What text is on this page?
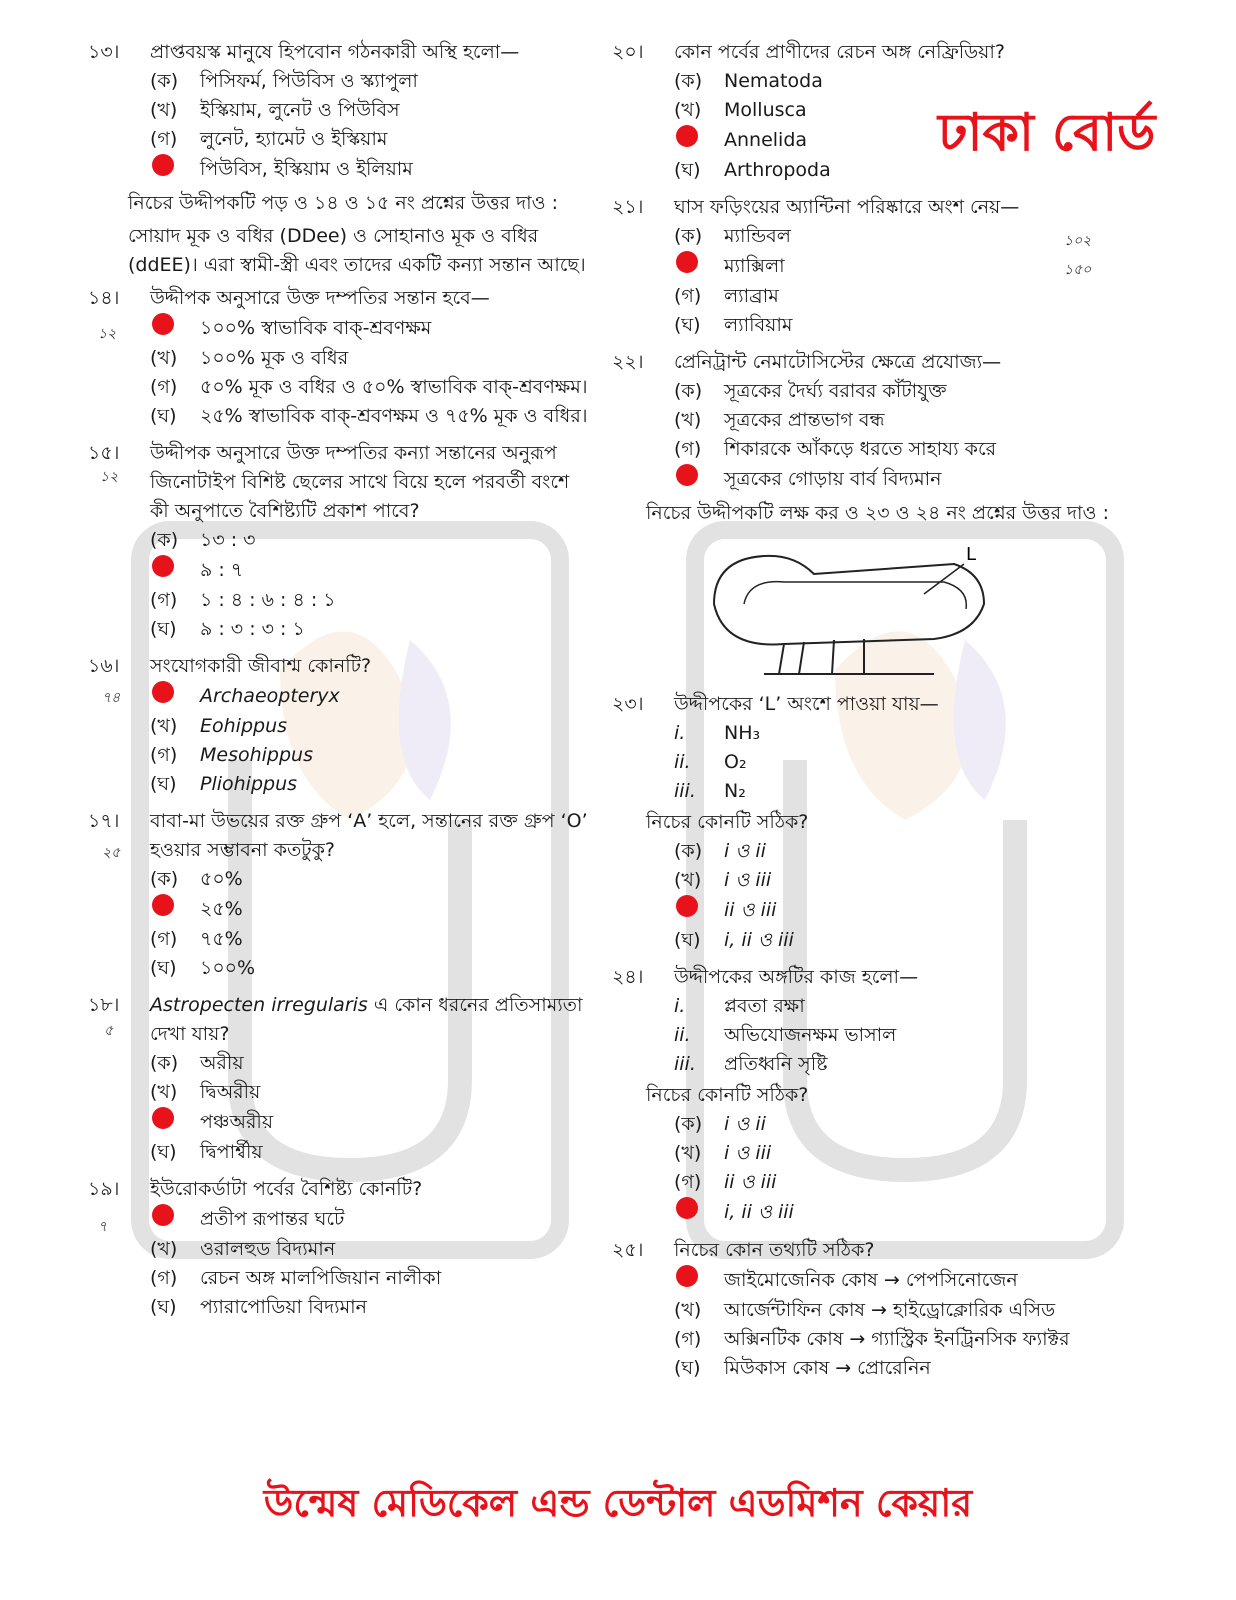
ঢাকা বোর্ড
১৩।	প্রাপ্তবয়স্ক মানুষে হিপবোন গঠনকারী অস্থি হলো—
(ক)	পিসিফর্ম, পিউবিস ও স্ক্যাপুলা
(খ)	ইস্কিয়াম, লুনেট ও পিউবিস
(গ)	লুনেট, হ্যামেট ও ইস্কিয়াম
পিউবিস, ইস্কিয়াম ও ইলিয়াম

নিচের উদ্দীপকটি পড় ও ১৪ ও ১৫ নং প্রশ্নের উত্তর দাও :

সোয়াদ মূক ও বধির (DDee) ও সোহানাও মূক ও বধির (ddEE)। এরা স্বামী-স্ত্রী এবং তাদের একটি কন্যা সন্তান আছে।

১২
১৪।	উদ্দীপক অনুসারে উক্ত দম্পতির সন্তান হবে—
১০০% স্বাভাবিক বাক্-শ্রবণক্ষম
(খ)	১০০% মূক ও বধির
(গ)	৫০% মূক ও বধির ও ৫০% স্বাভাবিক বাক্-শ্রবণক্ষম।
(ঘ)	২৫% স্বাভাবিক বাক্-শ্রবণক্ষম ও ৭৫% মূক ও বধির।
১২
১৫।	উদ্দীপক অনুসারে উক্ত দম্পতির কন্যা সন্তানের অনুরূপ জিনোটাইপ বিশিষ্ট ছেলের সাথে বিয়ে হলে পরবর্তী বংশে কী অনুপাতে বৈশিষ্ট্যটি প্রকাশ পাবে?
(ক)	১৩ : ৩
৯ : ৭
(গ)	১ : ৪ : ৬ : ৪ : ১
(ঘ)	৯ : ৩ : ৩ : ১
৭৪
১৬।	সংযোগকারী জীবাশ্ম কোনটি?
Archaeopteryx
(খ)	Eohippus
(গ)	Mesohippus
(ঘ)	Pliohippus
২৫
১৭।	বাবা-মা উভয়ের রক্ত গ্রুপ ‘A’ হলে, সন্তানের রক্ত গ্রুপ ‘O’ হওয়ার সম্ভাবনা কতটুকু?
(ক)	৫০%
২৫%
(গ)	৭৫%
(ঘ)	১০০%
৫
১৮।	Astropecten irregularis এ কোন ধরনের প্রতিসাম্যতা দেখা যায়?
(ক)	অরীয়
(খ)	দ্বিঅরীয়
পঞ্চঅরীয়
(ঘ)	দ্বিপার্শ্বীয়
৭
১৯।	ইউরোকর্ডাটা পর্বের বৈশিষ্ট্য কোনটি?
প্রতীপ রূপান্তর ঘটে
(খ)	ওরালহুড বিদ্যমান
(গ)	রেচন অঙ্গ মালপিজিয়ান নালীকা
(ঘ)	প্যারাপোডিয়া বিদ্যমান
২০।	কোন পর্বের প্রাণীদের রেচন অঙ্গ নেফ্রিডিয়া?
(ক)	Nematoda
(খ)	Mollusca
Annelida
(ঘ)	Arthropoda
১০২
১৫০
২১।	ঘাস ফড়িংয়ের অ্যান্টিনা পরিষ্কারে অংশ নেয়—
(ক)	ম্যান্ডিবল
ম্যাক্সিলা
(গ)	ল্যাব্রাম
(ঘ)	ল্যাবিয়াম
২২।	প্রেনিট্রান্ট নেমাটোসিস্টের ক্ষেত্রে প্রযোজ্য—
(ক)	সূত্রকের দৈর্ঘ্য বরাবর কাঁটাযুক্ত
(খ)	সূত্রকের প্রান্তভাগ বন্ধ
(গ)	শিকারকে আঁকড়ে ধরতে সাহায্য করে
সূত্রকের গোড়ায় বার্ব বিদ্যমান

নিচের উদ্দীপকটি লক্ষ কর ও ২৩ ও ২৪ নং প্রশ্নের উত্তর দাও :

L
২৩।	উদ্দীপকের ‘L’ অংশে পাওয়া যায়—
i.	NH₃
ii.	O₂
iii.	N₂
নিচের কোনটি সঠিক?
(ক)	i ও ii
(খ)	i ও iii
ii ও iii
(ঘ)	i, ii ও iii
২৪।	উদ্দীপকের অঙ্গটির কাজ হলো—
i.	প্লবতা রক্ষা
ii.	অভিযোজনক্ষম ভাসাল
iii.	প্রতিধ্বনি সৃষ্টি
নিচের কোনটি সঠিক?
(ক)	i ও ii
(খ)	i ও iii
(গ)	ii ও iii
i, ii ও iii
২৫।	নিচের কোন তথ্যটি সঠিক?
জাইমোজেনিক কোষ → পেপসিনোজেন
(খ)	আর্জেন্টাফিন কোষ → হাইড্রোক্লোরিক এসিড
(গ)	অক্সিনটিক কোষ → গ্যাস্ট্রিক ইনট্রিনসিক ফ্যাক্টর
(ঘ)	মিউকাস কোষ → প্রোরেনিন
উন্মেষ মেডিকেল এন্ড ডেন্টাল এডমিশন কেয়ার
